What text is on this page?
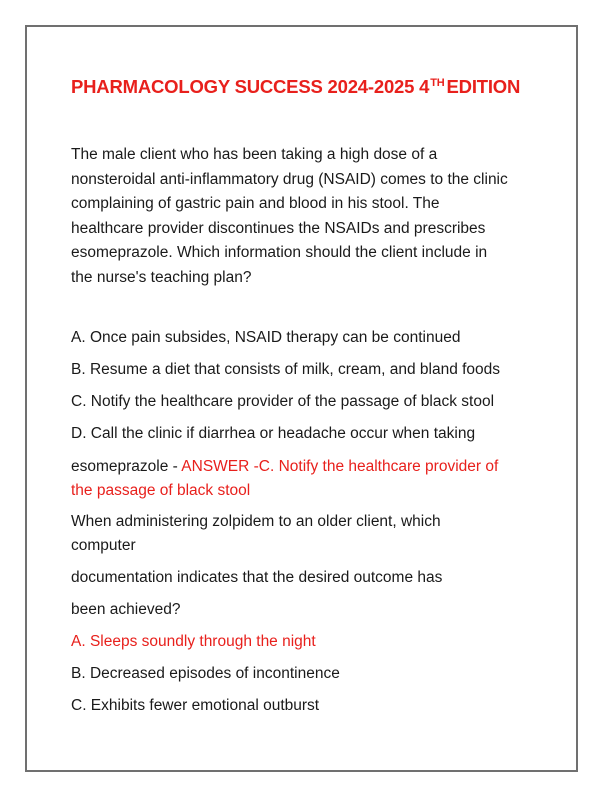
PHARMACOLOGY SUCCESS 2024-2025 4TH EDITION
The male client who has been taking a high dose of a
nonsteroidal anti-inflammatory drug (NSAID) comes to the clinic
complaining of gastric pain and blood in his stool. The
healthcare provider discontinues the NSAIDs and prescribes
esomeprazole. Which information should the client include in
the nurse's teaching plan?
A. Once pain subsides, NSAID therapy can be continued
B. Resume a diet that consists of milk, cream, and bland foods
C. Notify the healthcare provider of the passage of black stool
D. Call the clinic if diarrhea or headache occur when taking
esomeprazole - ANSWER -C. Notify the healthcare provider of
the passage of black stool
When administering zolpidem to an older client, which
computer
documentation indicates that the desired outcome has
been achieved?
A. Sleeps soundly through the night
B. Decreased episodes of incontinence
C. Exhibits fewer emotional outburst
